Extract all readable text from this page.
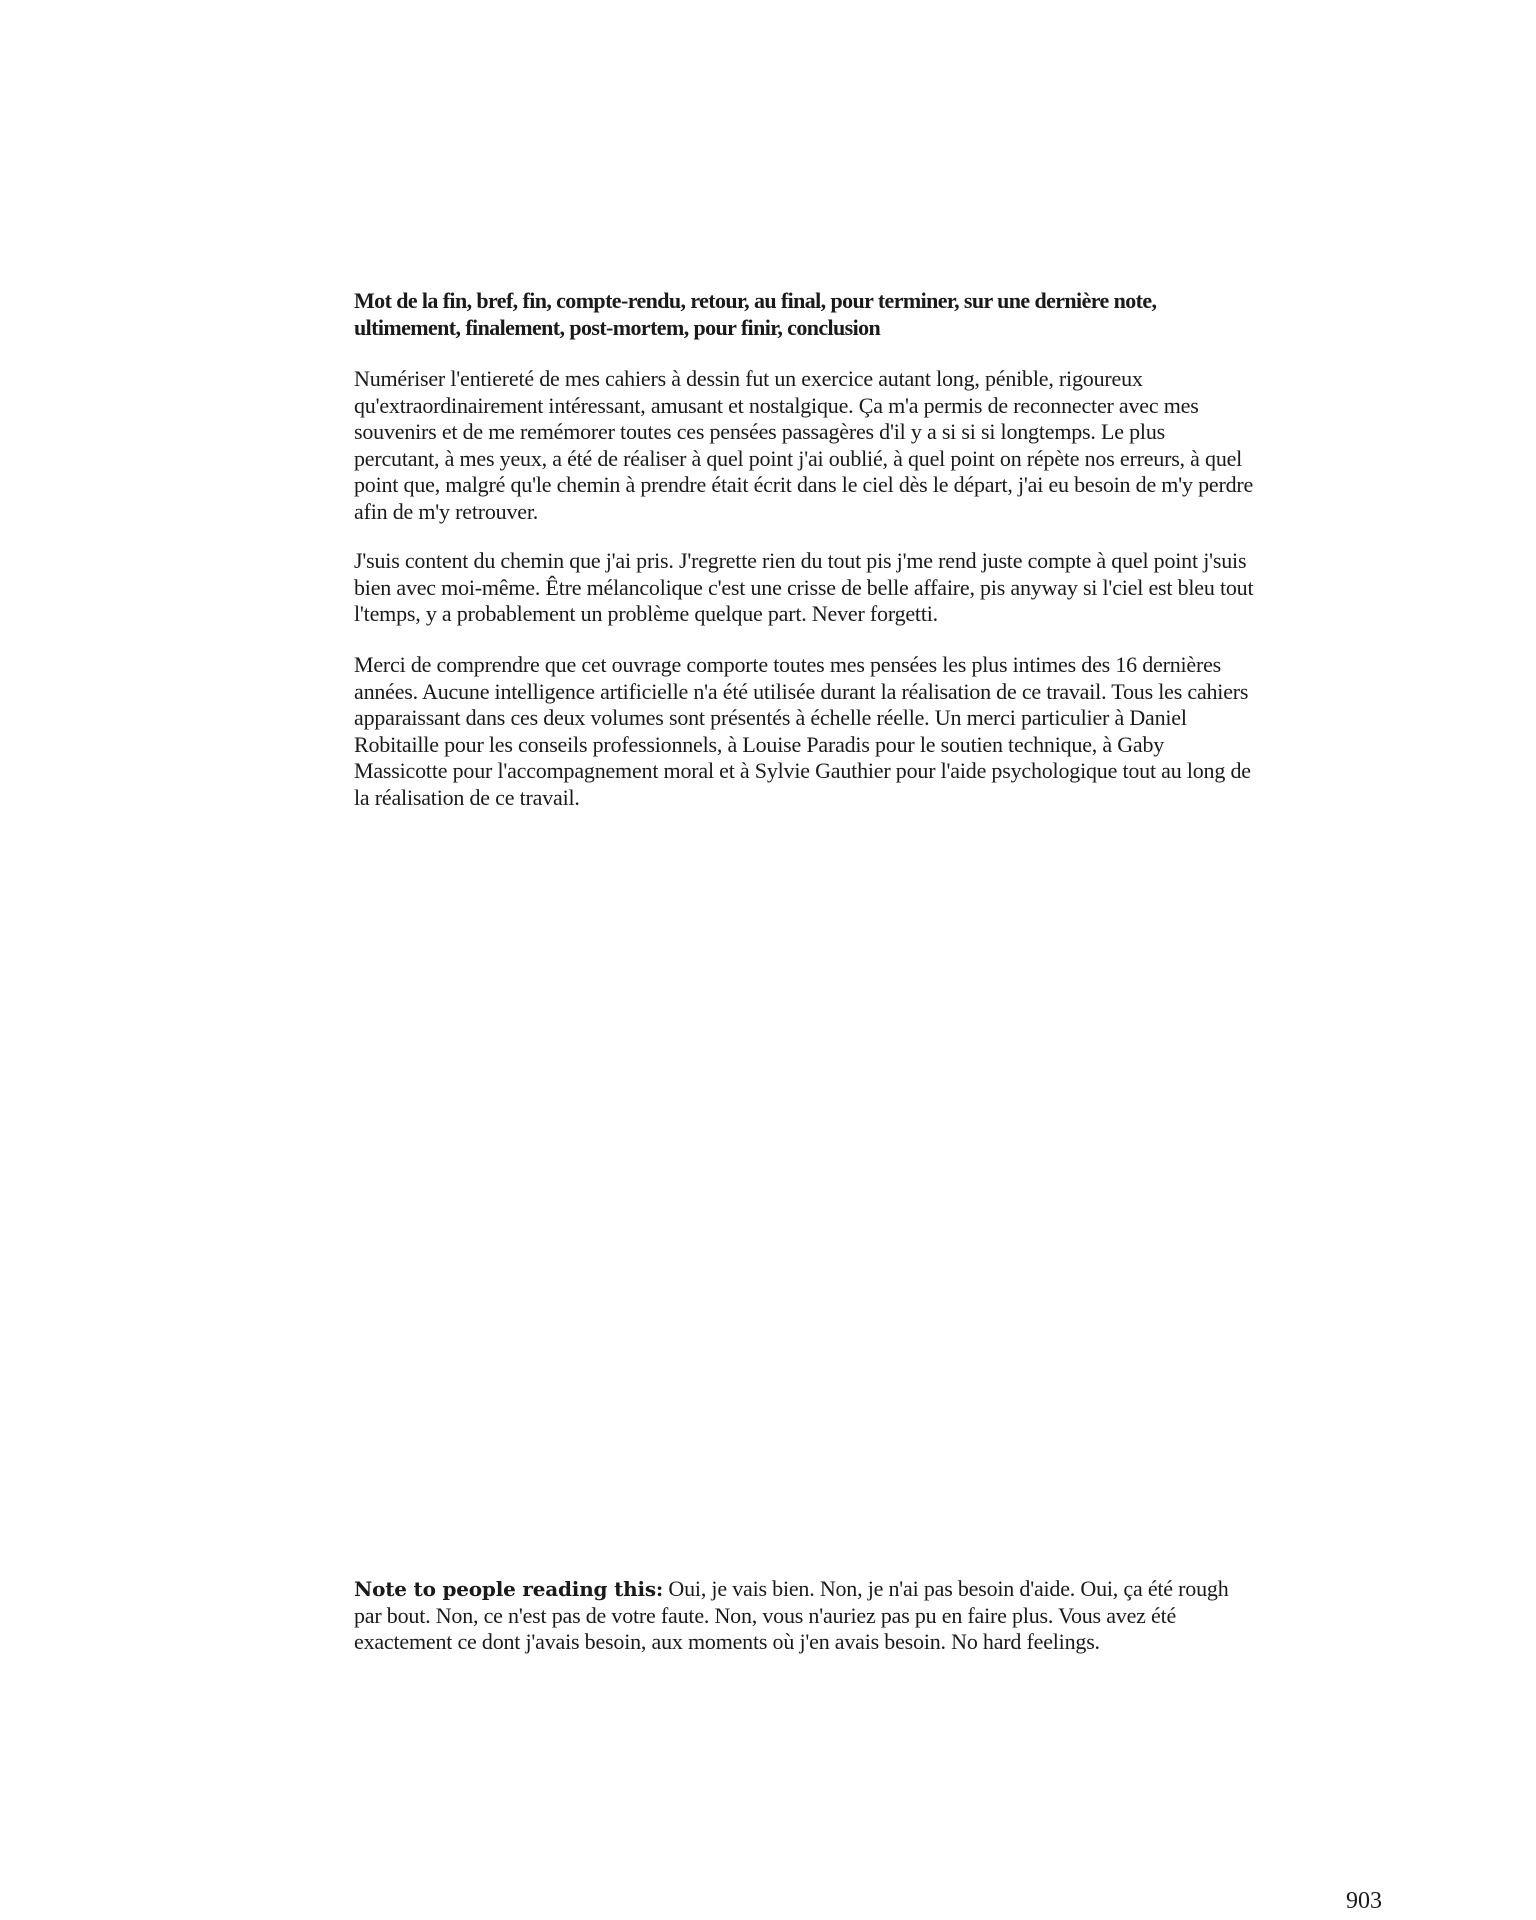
Mot de la fin, bref, fin, compte-rendu, retour, au final, pour terminer, sur une dernière note, ultimement, finalement, post-mortem, pour finir, conclusion
Numériser l'entiereté de mes cahiers à dessin fut un exercice autant long, pénible, rigoureux qu'extraordinairement intéressant, amusant et nostalgique. Ça m'a permis de reconnecter avec mes souvenirs et de me remémorer toutes ces pensées passagères d'il y a si si si longtemps. Le plus percutant, à mes yeux, a été de réaliser à quel point j'ai oublié, à quel point on répète nos erreurs, à quel point que, malgré qu'le chemin à prendre était écrit dans le ciel dès le départ, j'ai eu besoin de m'y perdre afin de m'y retrouver.
J'suis content du chemin que j'ai pris. J'regrette rien du tout pis j'me rend juste compte à quel point j'suis bien avec moi-même. Être mélancolique c'est une crisse de belle affaire, pis anyway si l'ciel est bleu tout l'temps, y a probablement un problème quelque part. Never forgetti.
Merci de comprendre que cet ouvrage comporte toutes mes pensées les plus intimes des 16 dernières années. Aucune intelligence artificielle n'a été utilisée durant la réalisation de ce travail. Tous les cahiers apparaissant dans ces deux volumes sont présentés à échelle réelle. Un merci particulier à Daniel Robitaille pour les conseils professionnels, à Louise Paradis pour le soutien technique, à Gaby Massicotte pour l'accompagnement moral et à Sylvie Gauthier pour l'aide psychologique tout au long de la réalisation de ce travail.
Note to people reading this: Oui, je vais bien. Non, je n'ai pas besoin d'aide. Oui, ça été rough par bout. Non, ce n'est pas de votre faute. Non, vous n'auriez pas pu en faire plus. Vous avez été exactement ce dont j'avais besoin, aux moments où j'en avais besoin. No hard feelings.
903
